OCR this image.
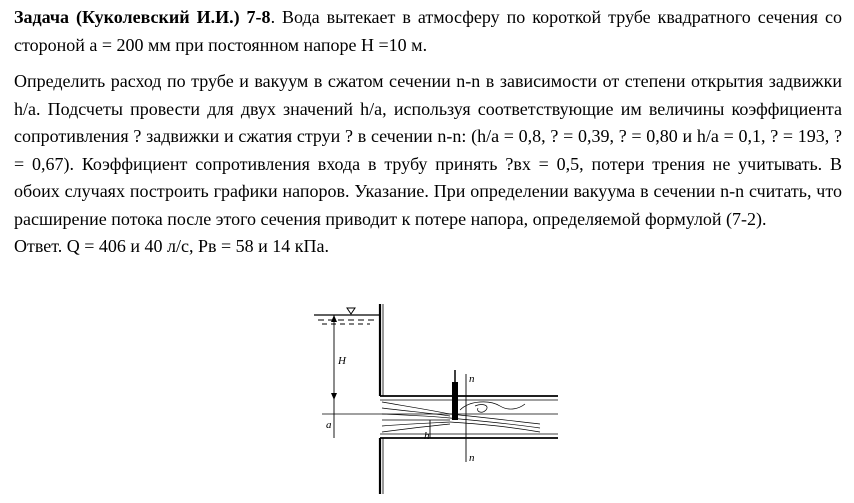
Задача (Куколевский И.И.) 7-8. Вода вытекает в атмосферу по короткой трубе квадратного сечения со стороной а = 200 мм при постоянном напоре Н =10 м.

Определить расход по трубе и вакуум в сжатом сечении n-n в зависимости от степени открытия задвижки h/a. Подсчеты провести для двух значений h/a, используя соответствующие им величины коэффициента сопротивления ? задвижки и сжатия струи ? в сечении n-n: (h/a = 0,8, ? = 0,39, ? = 0,80 и h/a = 0,1, ? = 193, ? = 0,67). Коэффициент сопротивления входа в трубу принять ?вх = 0,5, потери трения не учитывать. В обоих случаях построить графики напоров. Указание. При определении вакуума в сечении n-n считать, что расширение потока после этого сечения приводит к потере напора, определяемой формулой (7-2).

Ответ. Q = 406 и 40 л/с, Pв = 58 и 14 кПа.

H
a
h
n
n
